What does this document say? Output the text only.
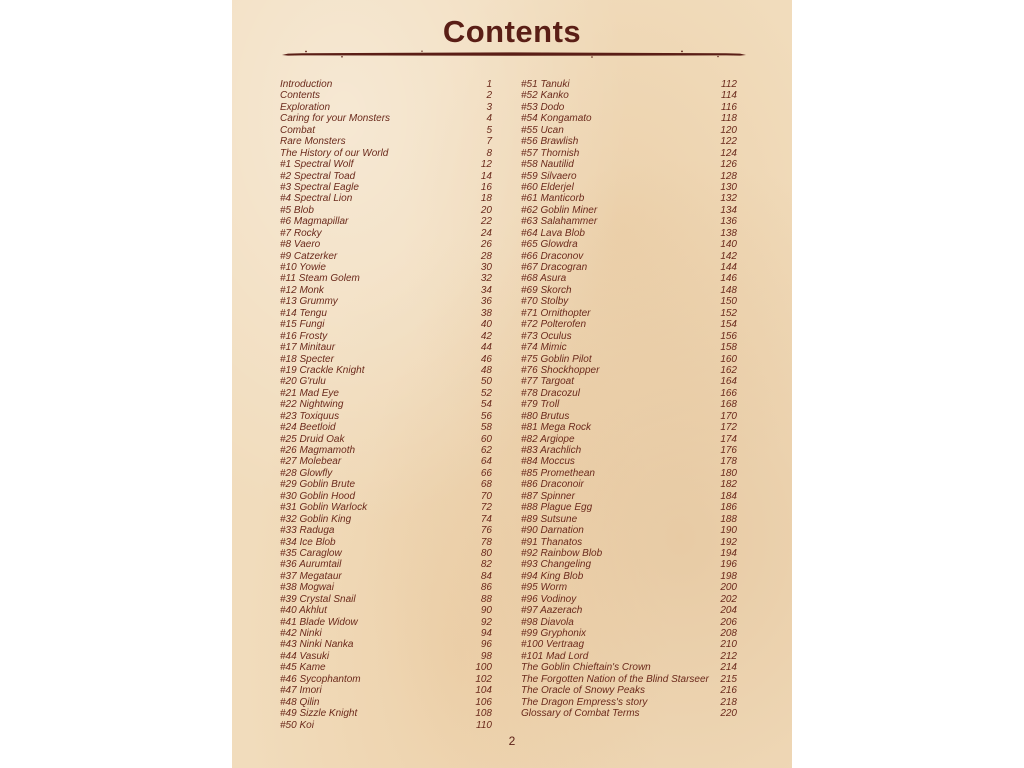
Contents
Introduction	1
Contents	2
Exploration	3
Caring for your Monsters	4
Combat	5
Rare Monsters	7
The History of our World	8
#1 Spectral Wolf	12
#2 Spectral Toad	14
#3 Spectral Eagle	16
#4 Spectral Lion	18
#5 Blob	20
#6 Magmapillar	22
#7 Rocky	24
#8 Vaero	26
#9 Catzerker	28
#10 Yowie	30
#11 Steam Golem	32
#12 Monk	34
#13 Grummy	36
#14 Tengu	38
#15 Fungi	40
#16 Frosty	42
#17 Minitaur	44
#18 Specter	46
#19 Crackle Knight	48
#20 G'rulu	50
#21 Mad Eye	52
#22 Nightwing	54
#23 Toxiquus	56
#24 Beetloid	58
#25 Druid Oak	60
#26 Magmamoth	62
#27 Molebear	64
#28 Glowfly	66
#29 Goblin Brute	68
#30 Goblin Hood	70
#31 Goblin Warlock	72
#32 Goblin King	74
#33 Raduga	76
#34 Ice Blob	78
#35 Caraglow	80
#36 Aurumtail	82
#37 Megataur	84
#38 Mogwai	86
#39 Crystal Snail	88
#40 Akhlut	90
#41 Blade Widow	92
#42 Ninki	94
#43 Ninki Nanka	96
#44 Vasuki	98
#45 Kame	100
#46 Sycophantom	102
#47 Imori	104
#48 Qilin	106
#49 Sizzle Knight	108
#50 Koi	110
#51 Tanuki	112
#52 Kanko	114
#53 Dodo	116
#54 Kongamato	118
#55 Ucan	120
#56 Brawlish	122
#57 Thornish	124
#58 Nautilid	126
#59 Silvaero	128
#60 Elderjel	130
#61 Manticorb	132
#62 Goblin Miner	134
#63 Salahammer	136
#64 Lava Blob	138
#65 Glowdra	140
#66 Draconov	142
#67 Dracogran	144
#68 Asura	146
#69 Skorch	148
#70 Stolby	150
#71 Ornithopter	152
#72 Polterofen	154
#73 Oculus	156
#74 Mimic	158
#75 Goblin Pilot	160
#76 Shockhopper	162
#77 Targoat	164
#78 Dracozul	166
#79 Troll	168
#80 Brutus	170
#81 Mega Rock	172
#82 Argiope	174
#83 Arachlich	176
#84 Moccus	178
#85 Promethean	180
#86 Draconoir	182
#87 Spinner	184
#88 Plague Egg	186
#89 Sutsune	188
#90 Darnation	190
#91 Thanatos	192
#92 Rainbow Blob	194
#93 Changeling	196
#94 King Blob	198
#95 Worm	200
#96 Vodinoy	202
#97 Aazerach	204
#98 Diavola	206
#99 Gryphonix	208
#100 Vertraag	210
#101 Mad Lord	212
The Goblin Chieftain's Crown	214
The Forgotten Nation of the Blind Starseer 215
The Oracle of Snowy Peaks	216
The Dragon Empress's story	218
Glossary of Combat Terms	220
2
